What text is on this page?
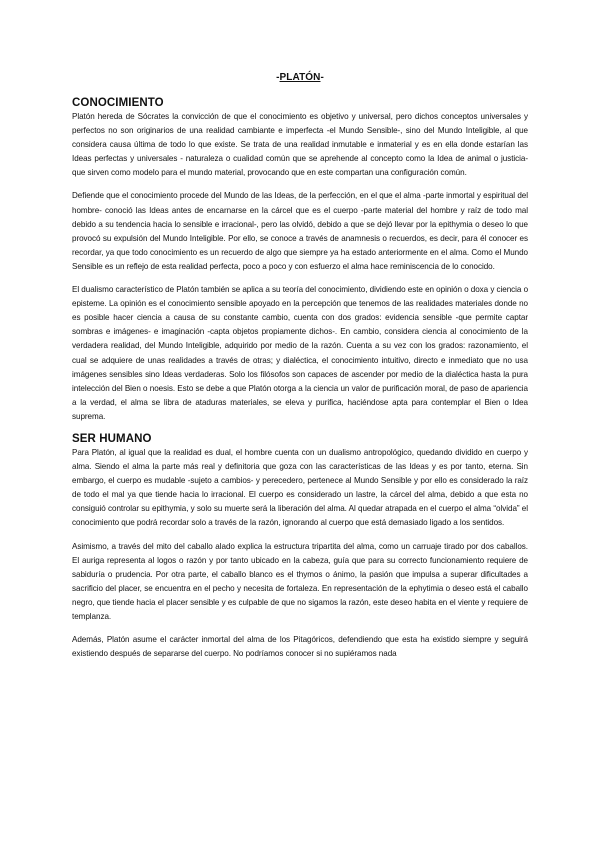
-PLATÓN-
CONOCIMIENTO

Platón hereda de Sócrates la convicción de que el conocimiento es objetivo y universal, pero dichos conceptos universales y perfectos no son originarios de una realidad cambiante e imperfecta -el Mundo Sensible-, sino del Mundo Inteligible, al que considera causa última de todo lo que existe. Se trata de una realidad inmutable e inmaterial y es en ella donde estarían las Ideas perfectas y universales - naturaleza o cualidad común que se aprehende al concepto como la Idea de animal o justicia- que sirven como modelo para el mundo material, provocando que en este compartan una configuración común.

Defiende que el conocimiento procede del Mundo de las Ideas, de la perfección, en el que el alma -parte inmortal y espiritual del hombre- conoció las Ideas antes de encarnarse en la cárcel que es el cuerpo -parte material del hombre y raíz de todo mal debido a su tendencia hacia lo sensible e irracional-, pero las olvidó, debido a que se dejó llevar por la epithymia o deseo lo que provocó su expulsión del Mundo Inteligible. Por ello, se conoce a través de anamnesis o recuerdos, es decir, para él conocer es recordar, ya que todo conocimiento es un recuerdo de algo que siempre ya ha estado anteriormente en el alma. Como el Mundo Sensible es un reflejo de esta realidad perfecta, poco a poco y con esfuerzo el alma hace reminiscencia de lo conocido.

El dualismo característico de Platón también se aplica a su teoría del conocimiento, dividiendo este en opinión o doxa y ciencia o episteme. La opinión es el conocimiento sensible apoyado en la percepción que tenemos de las realidades materiales donde no es posible hacer ciencia a causa de su constante cambio, cuenta con dos grados: evidencia sensible -que permite captar sombras e imágenes- e imaginación -capta objetos propiamente dichos-. En cambio, considera ciencia al conocimiento de la verdadera realidad, del Mundo Inteligible, adquirido por medio de la razón. Cuenta a su vez con los grados: razonamiento, el cual se adquiere de unas realidades a través de otras; y dialéctica, el conocimiento intuitivo, directo e inmediato que no usa imágenes sensibles sino Ideas verdaderas. Solo los filósofos son capaces de ascender por medio de la dialéctica hasta la pura intelección del Bien o noesis. Esto se debe a que Platón otorga a la ciencia un valor de purificación moral, de paso de apariencia a la verdad, el alma se libra de ataduras materiales, se eleva y purifica, haciéndose apta para contemplar el Bien o Idea suprema.

SER HUMANO

Para Platón, al igual que la realidad es dual, el hombre cuenta con un dualismo antropológico, quedando dividido en cuerpo y alma. Siendo el alma la parte más real y definitoria que goza con las características de las Ideas y es por tanto, eterna. Sin embargo, el cuerpo es mudable -sujeto a cambios- y perecedero, pertenece al Mundo Sensible y por ello es considerado la raíz de todo el mal ya que tiende hacia lo irracional. El cuerpo es considerado un lastre, la cárcel del alma, debido a que esta no consiguió controlar su epithymia, y solo su muerte será la liberación del alma. Al quedar atrapada en el cuerpo el alma “olvida” el conocimiento que podrá recordar solo a través de la razón, ignorando al cuerpo que está demasiado ligado a los sentidos.

Asimismo, a través del mito del caballo alado explica la estructura tripartita del alma, como un carruaje tirado por dos caballos. El auriga representa al logos o razón y por tanto ubicado en la cabeza, guía que para su correcto funcionamiento requiere de sabiduría o prudencia. Por otra parte, el caballo blanco es el thymos o ánimo, la pasión que impulsa a superar dificultades a sacrificio del placer, se encuentra en el pecho y necesita de fortaleza. En representación de la ephytimia o deseo está el caballo negro, que tiende hacia el placer sensible y es culpable de que no sigamos la razón, este deseo habita en el viente y requiere de templanza.

Además, Platón asume el carácter inmortal del alma de los Pitagóricos, defendiendo que esta ha existido siempre y seguirá existiendo después de separarse del cuerpo. No podríamos conocer si no supiéramos nada
